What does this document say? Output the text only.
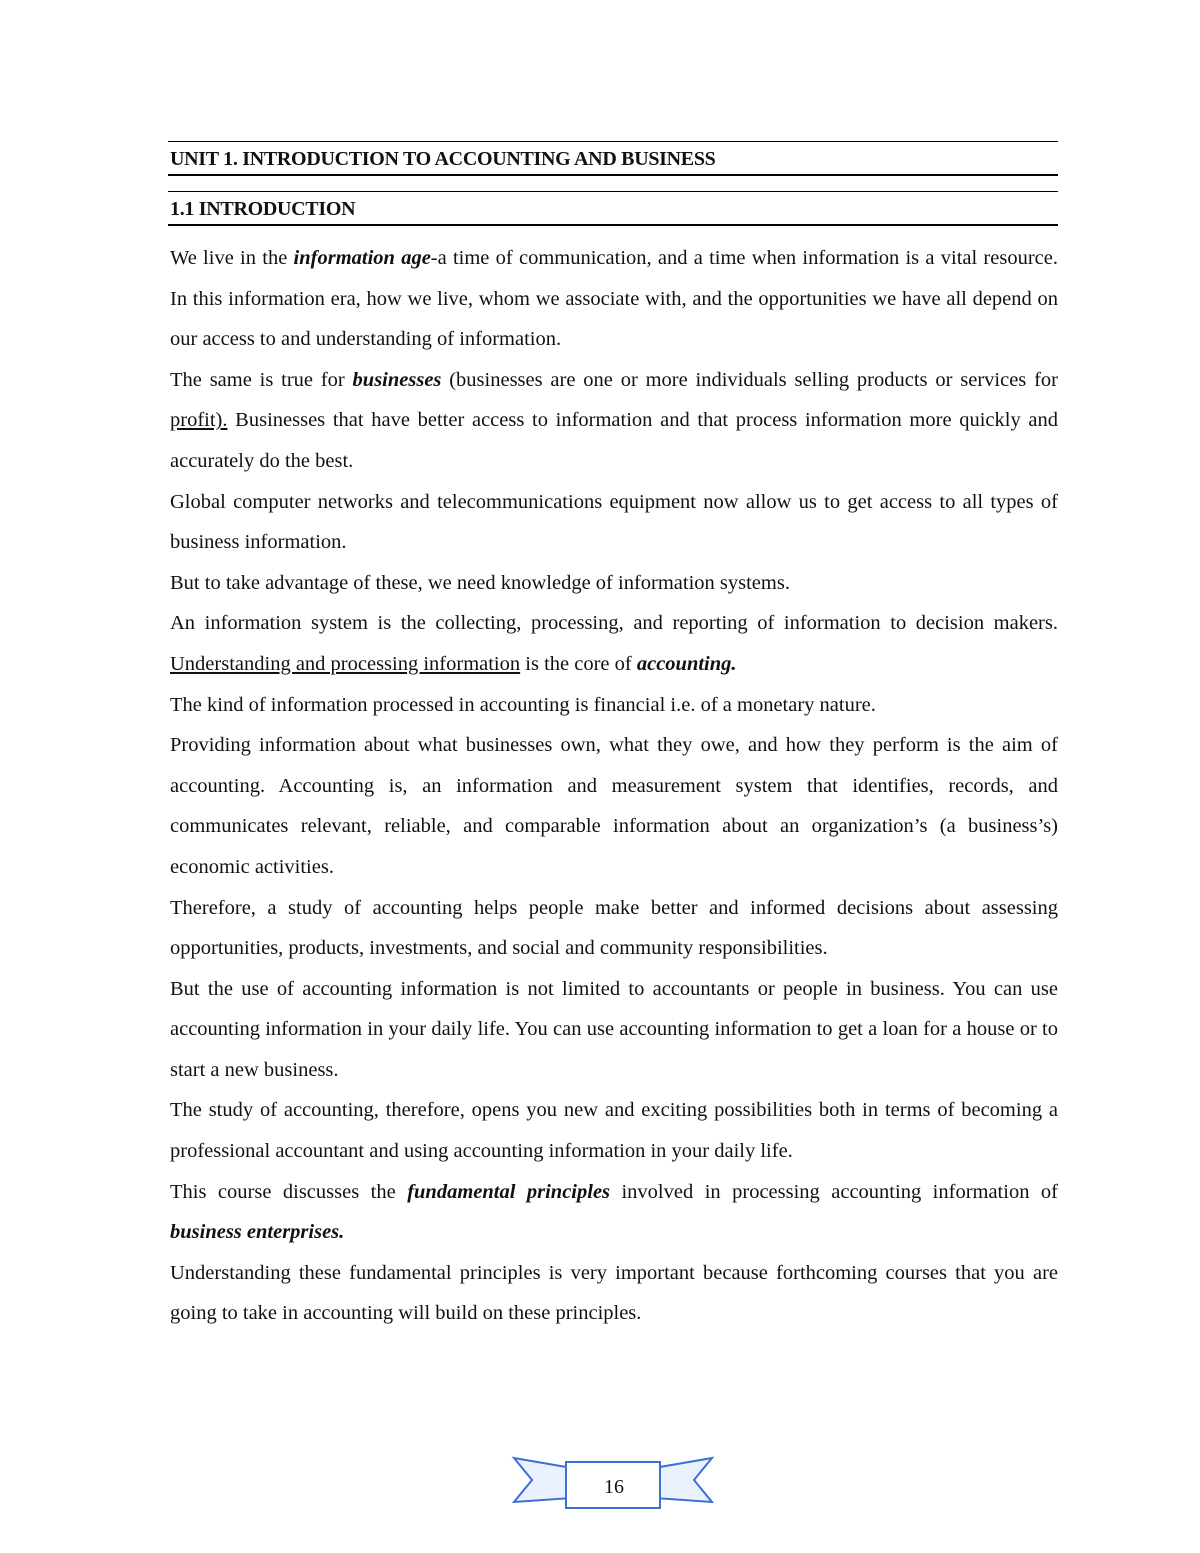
UNIT 1. INTRODUCTION TO ACCOUNTING AND BUSINESS
1.1 INTRODUCTION

We live in the information age-a time of communication, and a time when information is a vital resource. In this information era, how we live, whom we associate with, and the opportunities we have all depend on our access to and understanding of information.

The same is true for businesses (businesses are one or more individuals selling products or services for profit). Businesses that have better access to information and that process information more quickly and accurately do the best.

Global computer networks and telecommunications equipment now allow us to get access to all types of business information.

But to take advantage of these, we need knowledge of information systems.

An information system is the collecting, processing, and reporting of information to decision makers. Understanding and processing information is the core of accounting.

The kind of information processed in accounting is financial i.e. of a monetary nature.

Providing information about what businesses own, what they owe, and how they perform is the aim of accounting. Accounting is, an information and measurement system that identifies, records, and communicates relevant, reliable, and comparable information about an organization’s (a business’s) economic activities.

Therefore, a study of accounting helps people make better and informed decisions about assessing opportunities, products, investments, and social and community responsibilities.

But the use of accounting information is not limited to accountants or people in business. You can use accounting information in your daily life. You can use accounting information to get a loan for a house or to start a new business.

The study of accounting, therefore, opens you new and exciting possibilities both in terms of becoming a professional accountant and using accounting information in your daily life.

This course discusses the fundamental principles involved in processing accounting information of business enterprises.

Understanding these fundamental principles is very important because forthcoming courses that you are going to take in accounting will build on these principles.

16
